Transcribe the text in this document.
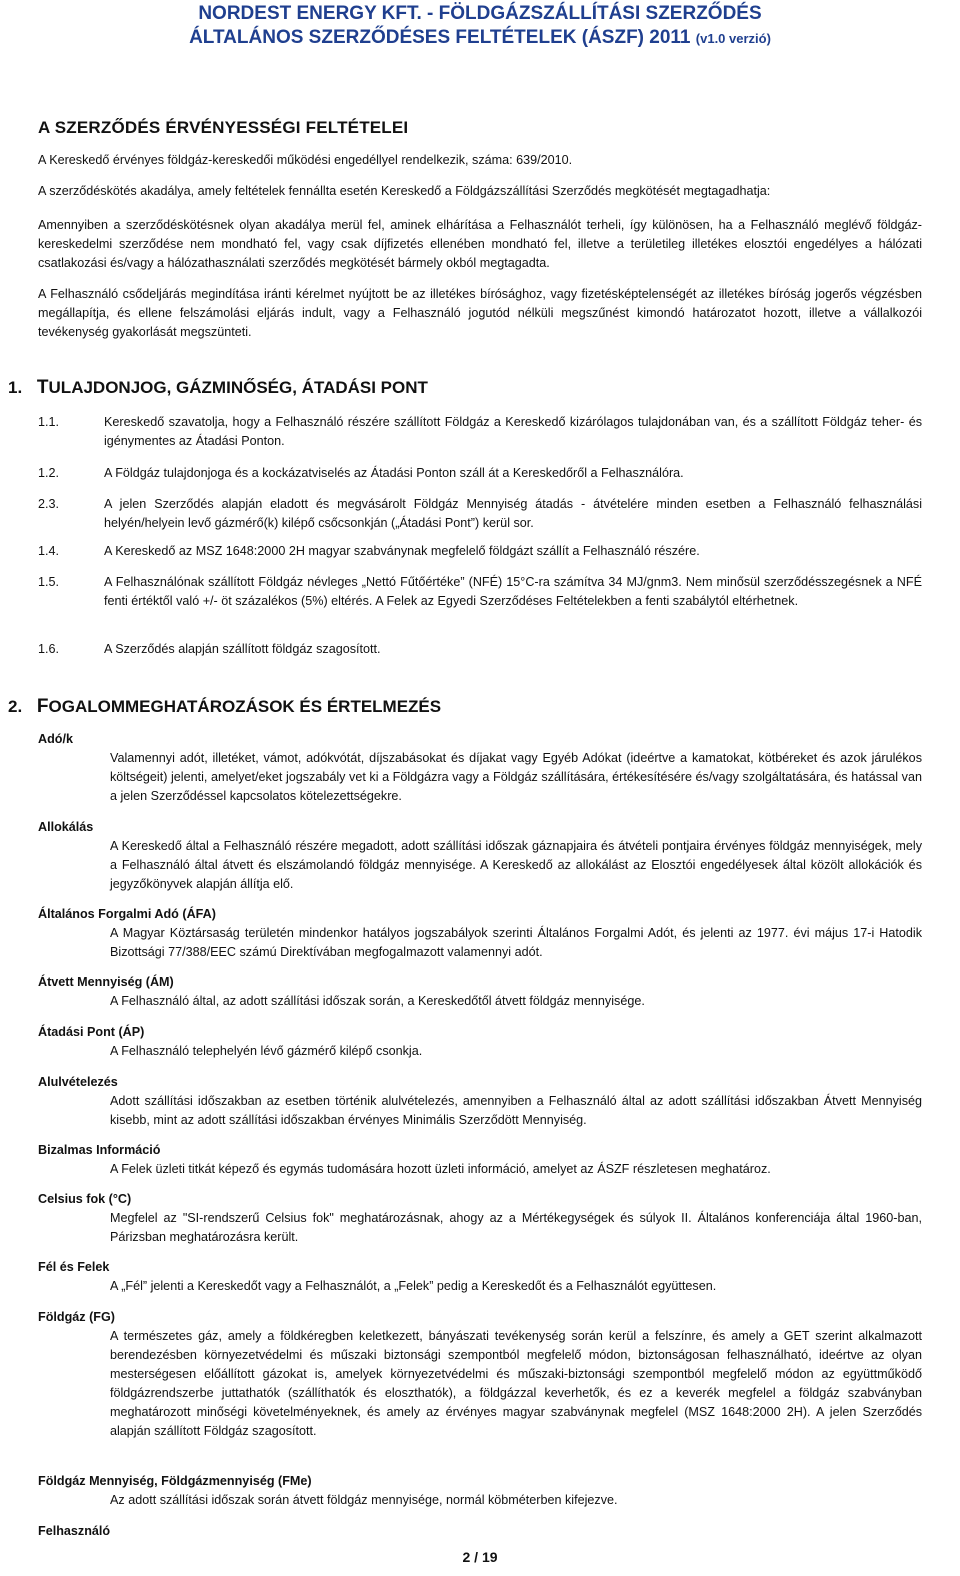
NORDEST ENERGY KFT. - FÖLDGÁZSZÁLLÍTÁSI SZERZŐDÉS
ÁLTALÁNOS SZERZŐDÉSES FELTÉTELEK (ÁSZF) 2011 (v1.0 verzió)
A SZERZŐDÉS ÉRVÉNYESSÉGI FELTÉTELEI
A Kereskedő érvényes földgáz-kereskedői működési engedéllyel rendelkezik, száma: 639/2010.
A szerződéskötés akadálya, amely feltételek fennállta esetén Kereskedő a Földgázszállítási Szerződés megkötését megtagadhatja:
Amennyiben a szerződéskötésnek olyan akadálya merül fel, aminek elhárítása a Felhasználót terheli, így különösen, ha a Felhasználó meglévő földgáz-kereskedelmi szerződése nem mondható fel, vagy csak díjfizetés ellenében mondható fel, illetve a területileg illetékes elosztói engedélyes a hálózati csatlakozási és/vagy a hálózathasználati szerződés megkötését bármely okból megtagadta.
A Felhasználó csődeljárás megindítása iránti kérelmet nyújtott be az illetékes bírósághoz, vagy fizetésképtelenségét az illetékes bíróság jogerős végzésben megállapítja, és ellene felszámolási eljárás indult, vagy a Felhasználó jogutód nélküli megszűnést kimondó határozatot hozott, illetve a vállalkozói tevékenység gyakorlását megszünteti.
1. TULAJDONJOG, GÁZMINŐSÉG, ÁTADÁSI PONT
1.1.	Kereskedő szavatolja, hogy a Felhasználó részére szállított Földgáz a Kereskedő kizárólagos tulajdonában van, és a szállított Földgáz teher- és igénymentes az Átadási Ponton.
1.2.	A Földgáz tulajdonjoga és a kockázatviselés az Átadási Ponton száll át a Kereskedőről a Felhasználóra.
2.3.	A jelen Szerződés alapján eladott és megvásárolt Földgáz Mennyiség átadás - átvételére minden esetben a Felhasználó felhasználási helyén/helyein levő gázmérő(k) kilépő csőcsonkján („Átadási Pont”) kerül sor.
1.4.	A Kereskedő az MSZ 1648:2000 2H magyar szabványnak megfelelő földgázt szállít a Felhasználó részére.
1.5.	A Felhasználónak szállított Földgáz névleges „Nettó Fűtőértéke” (NFÉ) 15°C-ra számítva 34 MJ/gnm3. Nem minősül szerződésszegésnek a NFÉ fenti értéktől való +/- öt százalékos (5%) eltérés. A Felek az Egyedi Szerződéses Feltételekben a fenti szabálytól eltérhetnek.
1.6.	A Szerződés alapján szállított földgáz szagosított.
2. FOGALOMMEGHATÁROZÁSOK ÉS ÉRTELMEZÉS
Adó/k
Valamennyi adót, illetéket, vámot, adókvótát, díjszabásokat és díjakat vagy Egyéb Adókat (ideértve a kamatokat, kötbéreket és azok járulékos költségeit) jelenti, amelyet/eket jogszabály vet ki a Földgázra vagy a Földgáz szállítására, értékesítésére és/vagy szolgáltatására, és hatással van a jelen Szerződéssel kapcsolatos kötelezettségekre.
Allokálás
A Kereskedő által a Felhasználó részére megadott, adott szállítási időszak gáznapjaira és átvételi pontjaira érvényes földgáz mennyiségek, mely a Felhasználó által átvett és elszámolandó földgáz mennyisége. A Kereskedő az allokálást az Elosztói engedélyesek által közölt allokációk és jegyzőkönyvek alapján állítja elő.
Általános Forgalmi Adó (ÁFA)
A Magyar Köztársaság területén mindenkor hatályos jogszabályok szerinti Általános Forgalmi Adót, és jelenti az 1977. évi május 17-i Hatodik Bizottsági 77/388/EEC számú Direktívában megfogalmazott valamennyi adót.
Átvett Mennyiség (ÁM)
A Felhasználó által, az adott szállítási időszak során, a Kereskedőtől átvett földgáz mennyisége.
Átadási Pont (ÁP)
A Felhasználó telephelyén lévő gázmérő kilépő csonkja.
Alulvételezés
Adott szállítási időszakban az esetben történik alulvételezés, amennyiben a Felhasználó által az adott szállítási időszakban Átvett Mennyiség kisebb, mint az adott szállítási időszakban érvényes Minimális Szerződött Mennyiség.
Bizalmas Információ
A Felek üzleti titkát képező és egymás tudomására hozott üzleti információ, amelyet az ÁSZF részletesen meghatároz.
Celsius fok (°C)
Megfelel az "SI-rendszerű Celsius fok" meghatározásnak, ahogy az a Mértékegységek és súlyok II. Általános konferenciája által 1960-ban, Párizsban meghatározásra került.
Fél és Felek
A „Fél” jelenti a Kereskedőt vagy a Felhasználót, a „Felek” pedig a Kereskedőt és a Felhasználót együttesen.
Földgáz (FG)
A természetes gáz, amely a földkéregben keletkezett, bányászati tevékenység során kerül a felszínre, és amely a GET szerint alkalmazott berendezésben környezetvédelmi és műszaki biztonsági szempontból megfelelő módon, biztonságosan felhasználható, ideértve az olyan mesterségesen előállított gázokat is, amelyek környezetvédelmi és műszaki-biztonsági szempontból megfelelő módon az együttműködő földgázrendszerbe juttathatók (szállíthatók és eloszthatók), a földgázzal keverhetők, és ez a keverék megfelel a földgáz szabványban meghatározott minőségi követelményeknek, és amely az érvényes magyar szabványnak megfelel (MSZ 1648:2000 2H). A jelen Szerződés alapján szállított Földgáz szagosított.
Földgáz Mennyiség, Földgázmennyiség (FMe)
Az adott szállítási időszak során átvett földgáz mennyisége, normál köbméterben kifejezve.
Felhasználó
2 / 19
